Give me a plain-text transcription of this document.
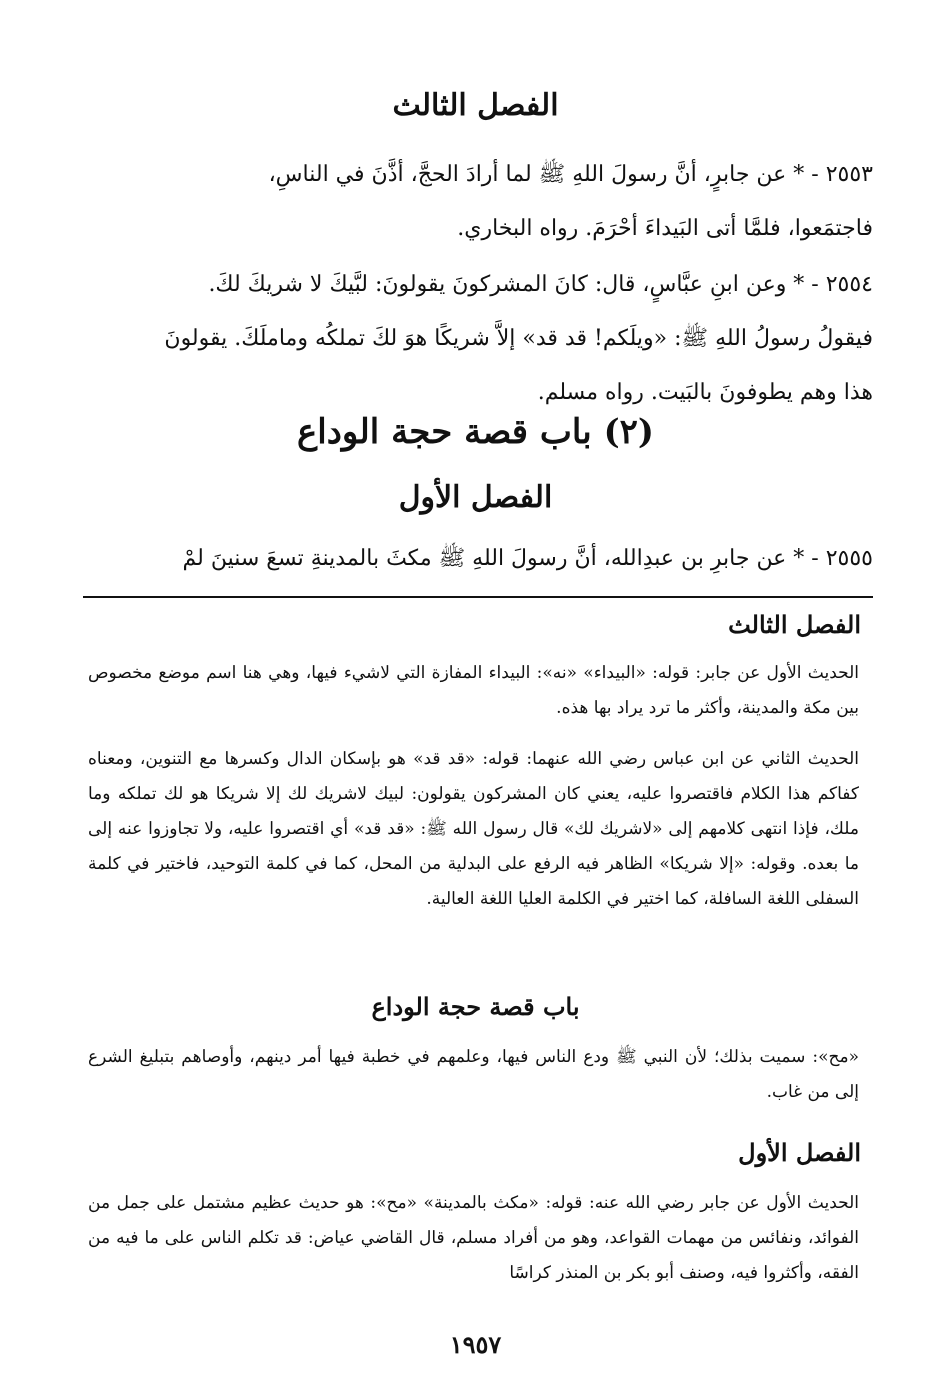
الفصل الثالث

٢٥٥٣ - * عن جابرٍ، أنَّ رسولَ اللهِ ﷺ لما أرادَ الحجَّ، أذَّنَ في الناسِ،

فاجتمَعوا، فلمَّا أتى البَيداءَ أحْرَمَ. رواه البخاري.

٢٥٥٤ - * وعن ابنِ عبَّاسٍ، قال: كانَ المشركونَ يقولونَ: لبَّيكَ لا شريكَ لكَ.

فيقولُ رسولُ اللهِ ﷺ: «ويلَكم! قد قد» إلاَّ شريكًا هوَ لكَ تملكُه وماملَكَ. يقولونَ

هذا وهم يطوفونَ بالبَيت. رواه مسلم.

(٢) باب قصة حجة الوداع
الفصل الأول

٢٥٥٥ - * عن جابرِ بن عبدِالله، أنَّ رسولَ اللهِ ﷺ مكثَ بالمدينةِ تسعَ سنينَ لمْ

الفصل الثالث

الحديث الأول عن جابر: قوله: «البيداء» «نه»: البيداء المفازة التي لاشيء فيها، وهي هنا اسم موضع مخصوص بين مكة والمدينة، وأكثر ما ترد يراد بها هذه.

الحديث الثاني عن ابن عباس رضي الله عنهما: قوله: «قد قد» هو بإسكان الدال وكسرها مع التنوين، ومعناه كفاكم هذا الكلام فاقتصروا عليه، يعني كان المشركون يقولون: لبيك لاشريك لك إلا شريكا هو لك تملكه وما ملك، فإذا انتهى كلامهم إلى «لاشريك لك» قال رسول الله ﷺ: «قد قد» أي اقتصروا عليه، ولا تجاوزوا عنه إلى ما بعده. وقوله: «إلا شريكا» الظاهر فيه الرفع على البدلية من المحل، كما في كلمة التوحيد، فاختير في كلمة السفلى اللغة السافلة، كما اختير في الكلمة العليا اللغة العالية.

باب قصة حجة الوداع

«مح»: سميت بذلك؛ لأن النبي ﷺ ودع الناس فيها، وعلمهم في خطبة فيها أمر دينهم، وأوصاهم بتبليغ الشرع إلى من غاب.

الفصل الأول

الحديث الأول عن جابر رضي الله عنه: قوله: «مكث بالمدينة» «مح»: هو حديث عظيم مشتمل على جمل من الفوائد، ونفائس من مهمات القواعد، وهو من أفراد مسلم، قال القاضي عياض: قد تكلم الناس على ما فيه من الفقه، وأكثروا فيه، وصنف أبو بكر بن المنذر كراسًا

١٩٥٧
